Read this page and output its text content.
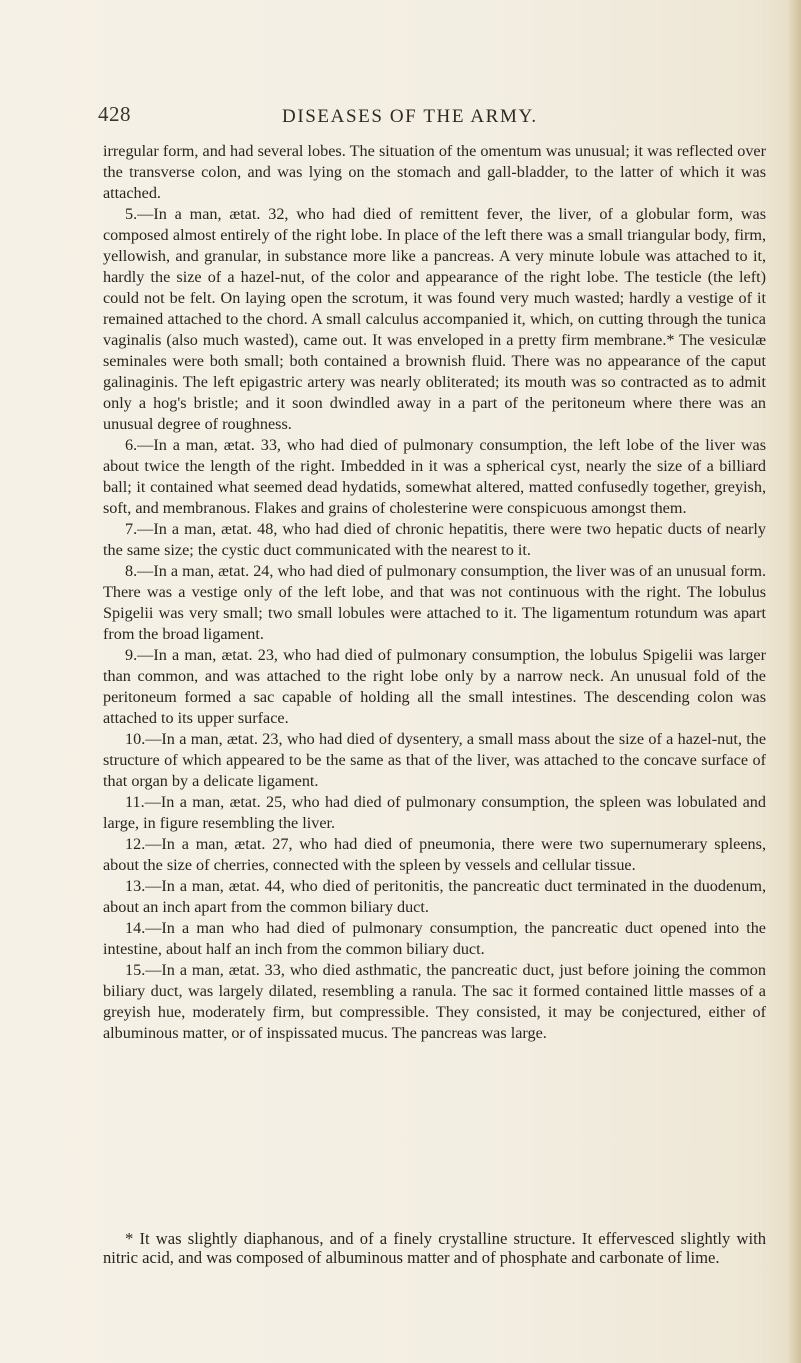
428	DISEASES OF THE ARMY.

irregular form, and had several lobes. The situation of the omentum was unusual; it was reflected over the transverse colon, and was lying on the stomach and gall-bladder, to the latter of which it was attached.

5.—In a man, ætat. 32, who had died of remittent fever, the liver, of a globular form, was composed almost entirely of the right lobe. In place of the left there was a small triangular body, firm, yellowish, and granular, in substance more like a pancreas. A very minute lobule was attached to it, hardly the size of a hazel-nut, of the color and appearance of the right lobe. The testicle (the left) could not be felt. On laying open the scrotum, it was found very much wasted; hardly a vestige of it remained attached to the chord. A small calculus accompanied it, which, on cutting through the tunica vaginalis (also much wasted), came out. It was enveloped in a pretty firm membrane.* The vesiculæ seminales were both small; both contained a brownish fluid. There was no appearance of the caput galinaginis. The left epigastric artery was nearly obliterated; its mouth was so contracted as to admit only a hog's bristle; and it soon dwindled away in a part of the peritoneum where there was an unusual degree of roughness.

6.—In a man, ætat. 33, who had died of pulmonary consumption, the left lobe of the liver was about twice the length of the right. Imbedded in it was a spherical cyst, nearly the size of a billiard ball; it contained what seemed dead hydatids, somewhat altered, matted confusedly together, greyish, soft, and membranous. Flakes and grains of cholesterine were conspicuous amongst them.

7.—In a man, ætat. 48, who had died of chronic hepatitis, there were two hepatic ducts of nearly the same size; the cystic duct communicated with the nearest to it.

8.—In a man, ætat. 24, who had died of pulmonary consumption, the liver was of an unusual form. There was a vestige only of the left lobe, and that was not continuous with the right. The lobulus Spigelii was very small; two small lobules were attached to it. The ligamentum rotundum was apart from the broad ligament.

9.—In a man, ætat. 23, who had died of pulmonary consumption, the lobulus Spigelii was larger than common, and was attached to the right lobe only by a narrow neck. An unusual fold of the peritoneum formed a sac capable of holding all the small intestines. The descending colon was attached to its upper surface.

10.—In a man, ætat. 23, who had died of dysentery, a small mass about the size of a hazel-nut, the structure of which appeared to be the same as that of the liver, was attached to the concave surface of that organ by a delicate ligament.

11.—In a man, ætat. 25, who had died of pulmonary consumption, the spleen was lobulated and large, in figure resembling the liver.

12.—In a man, ætat. 27, who had died of pneumonia, there were two supernumerary spleens, about the size of cherries, connected with the spleen by vessels and cellular tissue.

13.—In a man, ætat. 44, who died of peritonitis, the pancreatic duct terminated in the duodenum, about an inch apart from the common biliary duct.

14.—In a man who had died of pulmonary consumption, the pancreatic duct opened into the intestine, about half an inch from the common biliary duct.

15.—In a man, ætat. 33, who died asthmatic, the pancreatic duct, just before joining the common biliary duct, was largely dilated, resembling a ranula. The sac it formed contained little masses of a greyish hue, moderately firm, but compressible. They consisted, it may be conjectured, either of albuminous matter, or of inspissated mucus. The pancreas was large.

* It was slightly diaphanous, and of a finely crystalline structure. It effervesced slightly with nitric acid, and was composed of albuminous matter and of phosphate and carbonate of lime.
